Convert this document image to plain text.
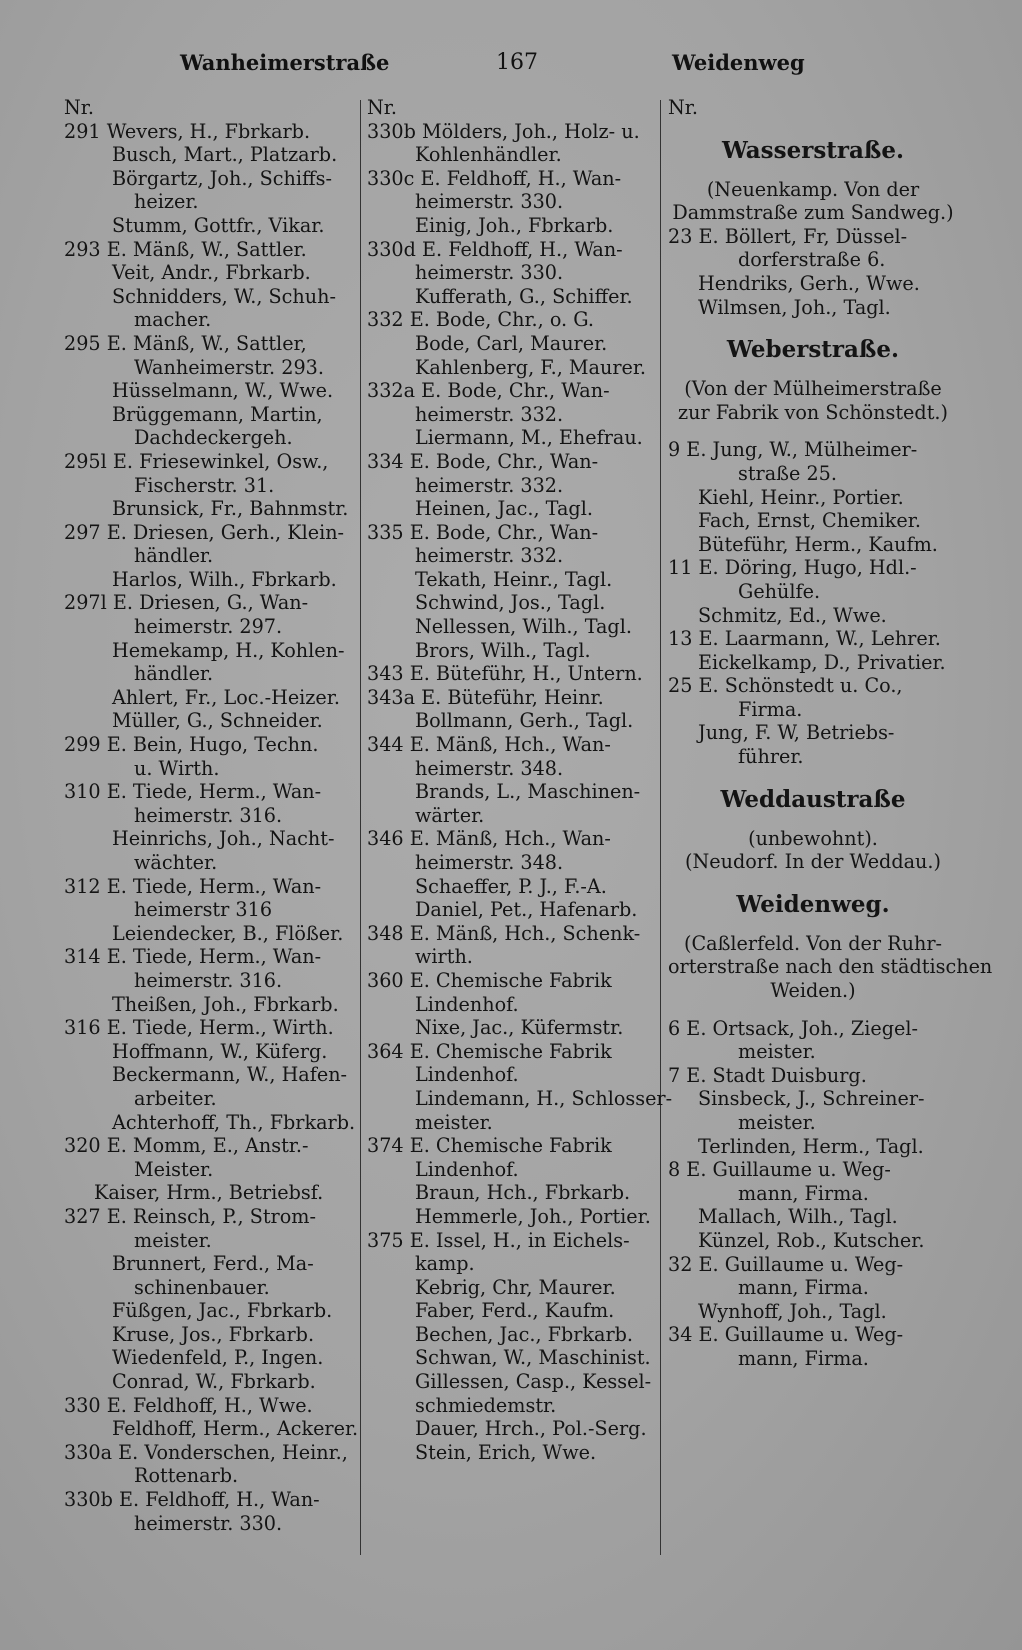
Wanheimerstraße	167	Weidenweg
Nr.
291 Wevers, H., Fbrkarb.
Busch, Mart., Platzarb.
Börgartz, Joh., Schiffs-
heizer.
Stumm, Gottfr., Vikar.
293 E. Mänß, W., Sattler.
Veit, Andr., Fbrkarb.
Schnidders, W., Schuh-
macher.
295 E. Mänß, W., Sattler,
Wanheimerstr. 293.
Hüsselmann, W., Wwe.
Brüggemann, Martin,
Dachdeckergeh.
295l E. Friesewinkel, Osw.,
Fischerstr. 31.
Brunsick, Fr., Bahnmstr.
297 E. Driesen, Gerh., Klein-
händler.
Harlos, Wilh., Fbrkarb.
297l E. Driesen, G., Wan-
heimerstr. 297.
Hemekamp, H., Kohlen-
händler.
Ahlert, Fr., Loc.-Heizer.
Müller, G., Schneider.
299 E. Bein, Hugo, Techn.
u. Wirth.
310 E. Tiede, Herm., Wan-
heimerstr. 316.
Heinrichs, Joh., Nacht-
wächter.
312 E. Tiede, Herm., Wan-
heimerstr 316
Leiendecker, B., Flößer.
314 E. Tiede, Herm., Wan-
heimerstr. 316.
Theißen, Joh., Fbrkarb.
316 E. Tiede, Herm., Wirth.
Hoffmann, W., Küferg.
Beckermann, W., Hafen-
arbeiter.
Achterhoff, Th., Fbrkarb.
320 E. Momm, E., Anstr.-
Meister.
Kaiser, Hrm., Betriebsf.
327 E. Reinsch, P., Strom-
meister.
Brunnert, Ferd., Ma-
schinenbauer.
Füßgen, Jac., Fbrkarb.
Kruse, Jos., Fbrkarb.
Wiedenfeld, P., Ingen.
Conrad, W., Fbrkarb.
330 E. Feldhoff, H., Wwe.
Feldhoff, Herm., Ackerer.
330a E. Vonderschen, Heinr.,
Rottenarb.
330b E. Feldhoff, H., Wan-
heimerstr. 330.
Nr.
330b Mölders, Joh., Holz- u.
Kohlenhändler.
330c E. Feldhoff, H., Wan-
heimerstr. 330.
Einig, Joh., Fbrkarb.
330d E. Feldhoff, H., Wan-
heimerstr. 330.
Kufferath, G., Schiffer.
332 E. Bode, Chr., o. G.
Bode, Carl, Maurer.
Kahlenberg, F., Maurer.
332a E. Bode, Chr., Wan-
heimerstr. 332.
Liermann, M., Ehefrau.
334 E. Bode, Chr., Wan-
heimerstr. 332.
Heinen, Jac., Tagl.
335 E. Bode, Chr., Wan-
heimerstr. 332.
Tekath, Heinr., Tagl.
Schwind, Jos., Tagl.
Nellessen, Wilh., Tagl.
Brors, Wilh., Tagl.
343 E. Büteführ, H., Untern.
343a E. Büteführ, Heinr.
Bollmann, Gerh., Tagl.
344 E. Mänß, Hch., Wan-
heimerstr. 348.
Brands, L., Maschinen-
wärter.
346 E. Mänß, Hch., Wan-
heimerstr. 348.
Schaeffer, P. J., F.-A.
Daniel, Pet., Hafenarb.
348 E. Mänß, Hch., Schenk-
wirth.
360 E. Chemische Fabrik
Lindenhof.
Nixe, Jac., Küfermstr.
364 E. Chemische Fabrik
Lindenhof.
Lindemann, H., Schlosser-
meister.
374 E. Chemische Fabrik
Lindenhof.
Braun, Hch., Fbrkarb.
Hemmerle, Joh., Portier.
375 E. Issel, H., in Eichels-
kamp.
Kebrig, Chr, Maurer.
Faber, Ferd., Kaufm.
Bechen, Jac., Fbrkarb.
Schwan, W., Maschinist.
Gillessen, Casp., Kessel-
schmiedemstr.
Dauer, Hrch., Pol.-Serg.
Stein, Erich, Wwe.
Nr.
Wasserstraße.
(Neuenkamp. Von der
Dammstraße zum Sandweg.)
23 E. Böllert, Fr, Düssel-
dorferstraße 6.
Hendriks, Gerh., Wwe.
Wilmsen, Joh., Tagl.
Weberstraße.
(Von der Mülheimerstraße
zur Fabrik von Schönstedt.)
9 E. Jung, W., Mülheimer-
straße 25.
Kiehl, Heinr., Portier.
Fach, Ernst, Chemiker.
Büteführ, Herm., Kaufm.
11 E. Döring, Hugo, Hdl.-
Gehülfe.
Schmitz, Ed., Wwe.
13 E. Laarmann, W., Lehrer.
Eickelkamp, D., Privatier.
25 E. Schönstedt u. Co.,
Firma.
Jung, F. W, Betriebs-
führer.
Weddaustraße
(unbewohnt).
(Neudorf. In der Weddau.)
Weidenweg.
(Caßlerfeld. Von der Ruhr-
orterstraße nach den städtischen
Weiden.)
6 E. Ortsack, Joh., Ziegel-
meister.
7 E. Stadt Duisburg.
Sinsbeck, J., Schreiner-
meister.
Terlinden, Herm., Tagl.
8 E. Guillaume u. Weg-
mann, Firma.
Mallach, Wilh., Tagl.
Künzel, Rob., Kutscher.
32 E. Guillaume u. Weg-
mann, Firma.
Wynhoff, Joh., Tagl.
34 E. Guillaume u. Weg-
mann, Firma.
